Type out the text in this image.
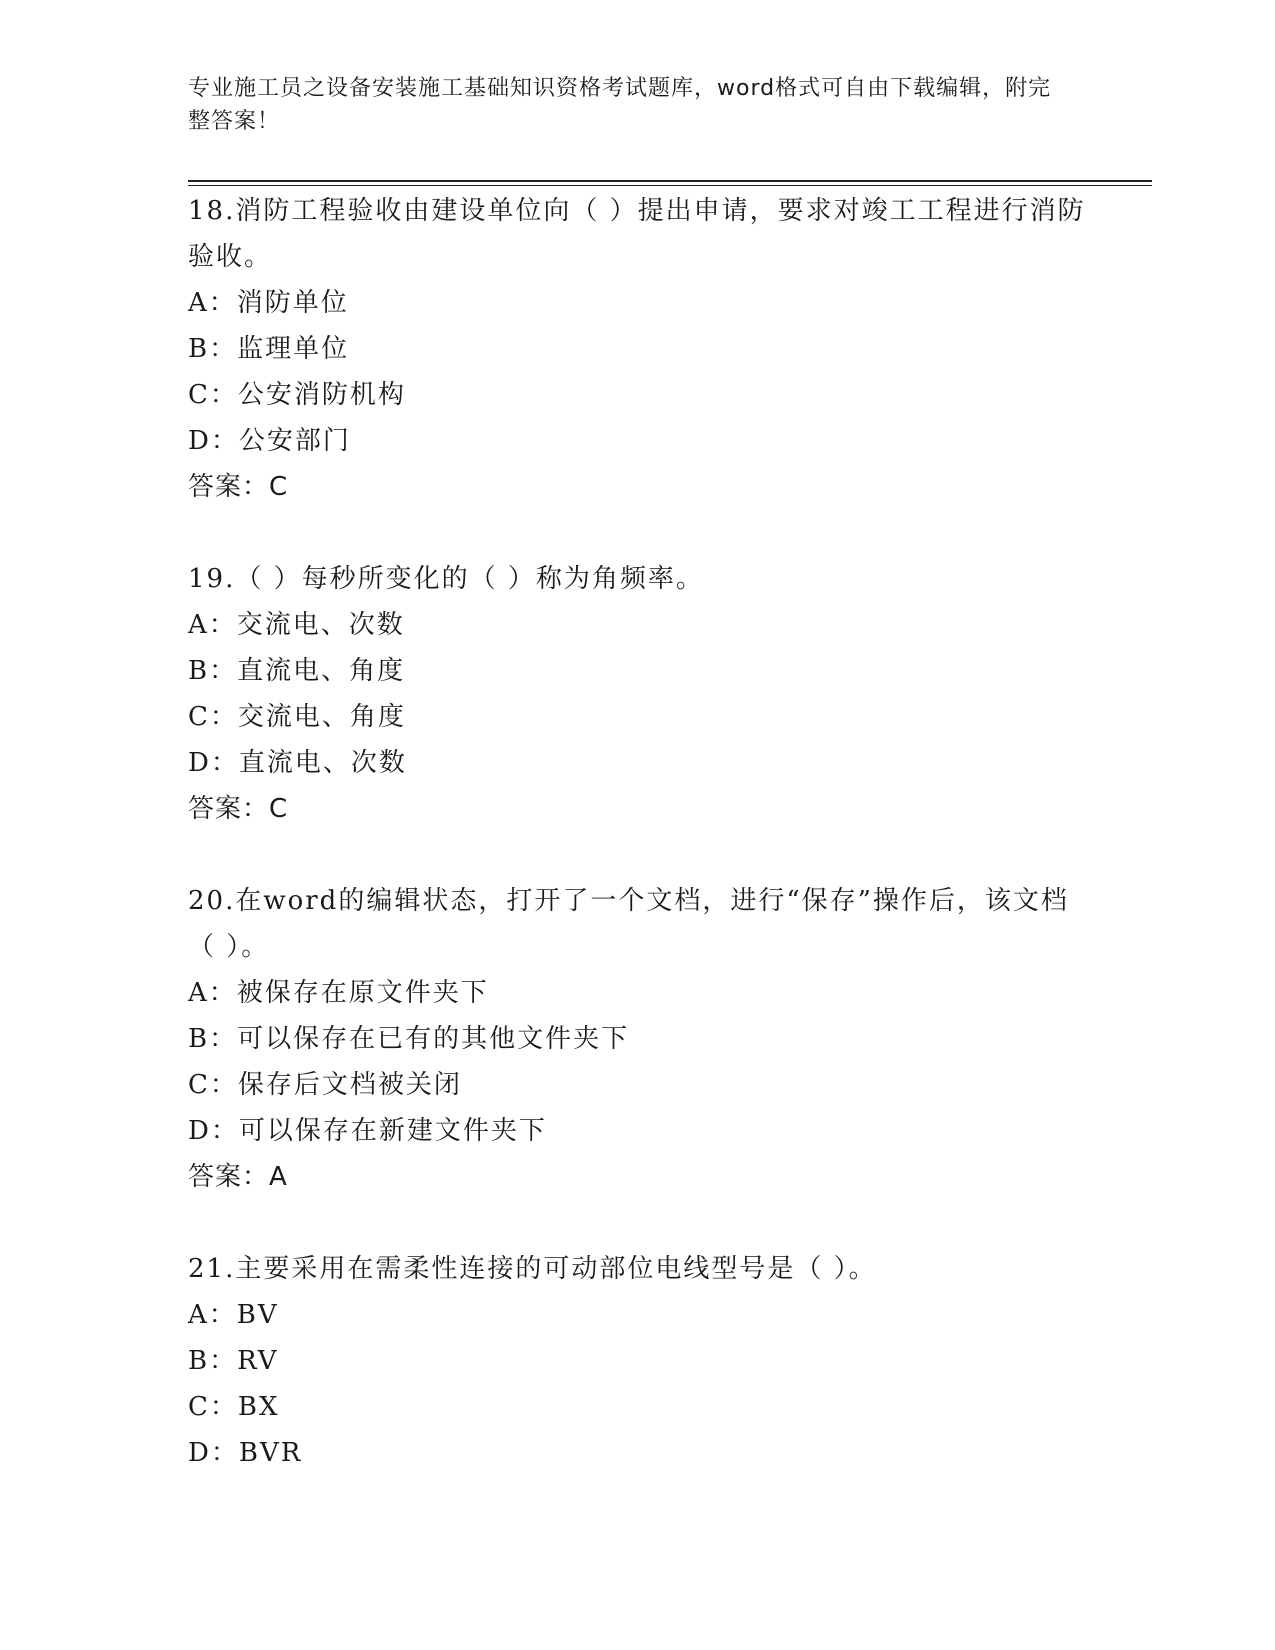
专业施工员之设备安装施工基础知识资格考试题库，word格式可自由下载编辑，附完整答案！
18.消防工程验收由建设单位向（ ）提出申请，要求对竣工工程进行消防验收。
A：消防单位
B：监理单位
C：公安消防机构
D：公安部门
答案：C
19.（ ）每秒所变化的（ ）称为角频率。
A：交流电、次数
B：直流电、角度
C：交流电、角度
D：直流电、次数
答案：C
20.在word的编辑状态，打开了一个文档，进行“保存”操作后，该文档（ ）。
A：被保存在原文件夹下
B：可以保存在已有的其他文件夹下
C：保存后文档被关闭
D：可以保存在新建文件夹下
答案：A
21.主要采用在需柔性连接的可动部位电线型号是（ ）。
A：BV
B：RV
C：BX
D：BVR
